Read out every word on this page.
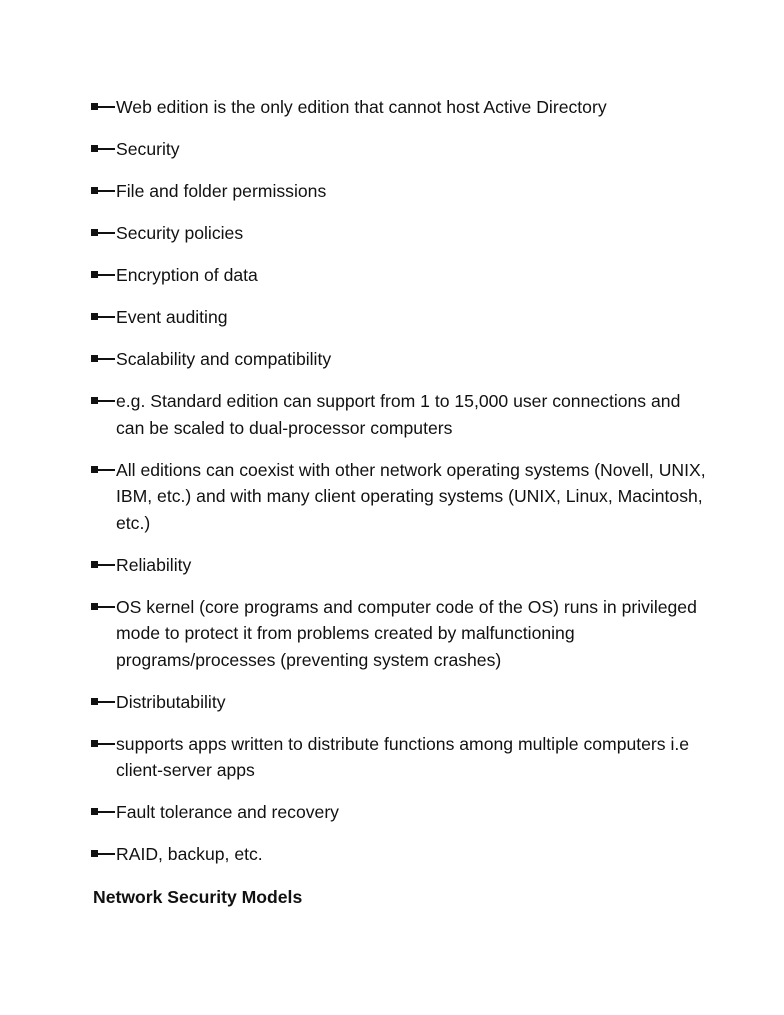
Web edition is the only edition that cannot host Active Directory
Security
File and folder permissions
Security policies
Encryption of data
Event auditing
Scalability and compatibility
e.g. Standard edition can support from 1 to 15,000 user connections and can be scaled to dual-processor computers
All editions can coexist with other network operating systems (Novell, UNIX, IBM, etc.) and with many client operating systems (UNIX, Linux, Macintosh, etc.)
Reliability
OS kernel (core programs and computer code of the OS) runs in privileged mode to protect it from problems created by malfunctioning programs/processes (preventing system crashes)
Distributability
supports apps written to distribute functions among multiple computers i.e client-server apps
Fault tolerance and recovery
RAID, backup, etc.
Network Security Models
